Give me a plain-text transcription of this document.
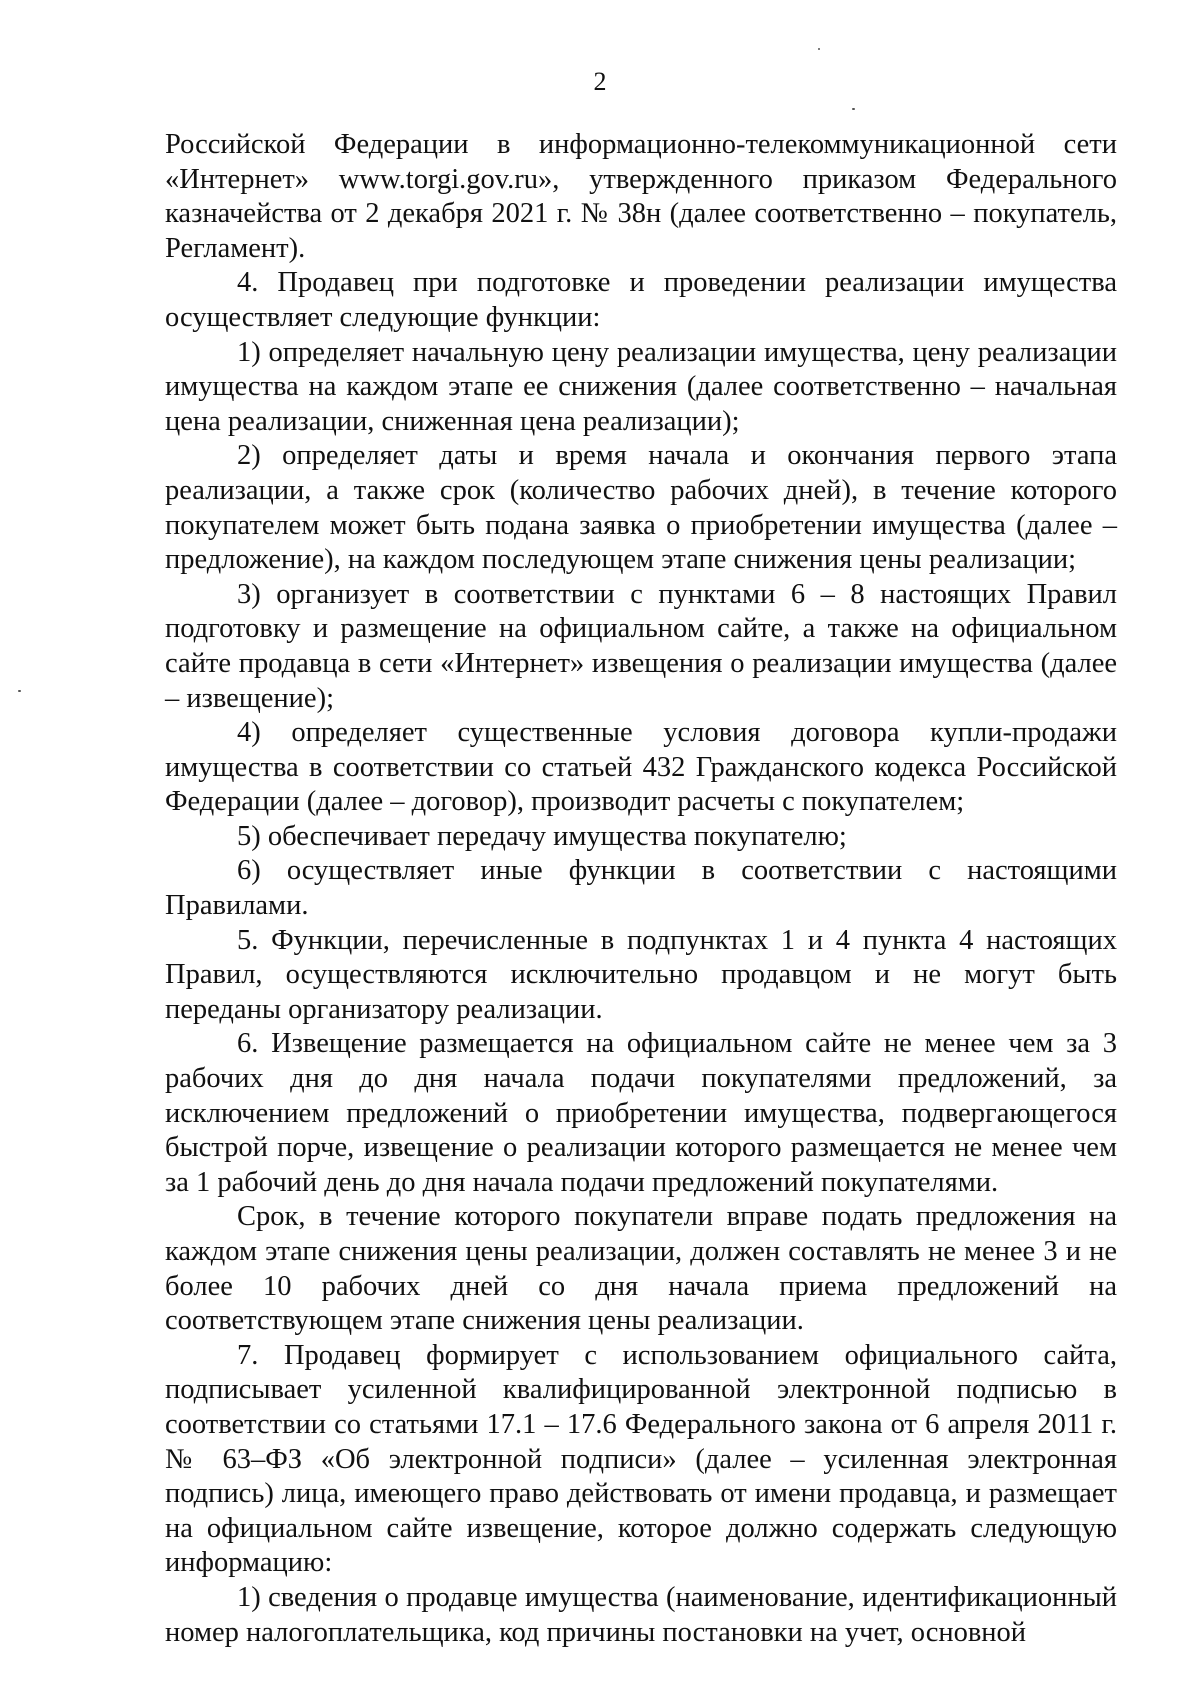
2

Российской Федерации в информационно-телекоммуникационной сети «Интернет» www.torgi.gov.ru», утвержденного приказом Федерального казначейства от 2 декабря 2021 г. № 38н (далее соответственно – покупатель, Регламент).

4. Продавец при подготовке и проведении реализации имущества осуществляет следующие функции:

1) определяет начальную цену реализации имущества, цену реализации имущества на каждом этапе ее снижения (далее соответственно – начальная цена реализации, сниженная цена реализации);

2) определяет даты и время начала и окончания первого этапа реализации, а также срок (количество рабочих дней), в течение которого покупателем может быть подана заявка о приобретении имущества (далее – предложение), на каждом последующем этапе снижения цены реализации;

3) организует в соответствии с пунктами 6 – 8 настоящих Правил подготовку и размещение на официальном сайте, а также на официальном сайте продавца в сети «Интернет» извещения о реализации имущества (далее – извещение);

4) определяет существенные условия договора купли-продажи имущества в соответствии со статьей 432 Гражданского кодекса Российской Федерации (далее – договор), производит расчеты с покупателем;

5) обеспечивает передачу имущества покупателю;

6) осуществляет иные функции в соответствии с настоящими Правилами.

5. Функции, перечисленные в подпунктах 1 и 4 пункта 4 настоящих Правил, осуществляются исключительно продавцом и не могут быть переданы организатору реализации.

6. Извещение размещается на официальном сайте не менее чем за 3 рабочих дня до дня начала подачи покупателями предложений, за исключением предложений о приобретении имущества, подвергающегося быстрой порче, извещение о реализации которого размещается не менее чем за 1 рабочий день до дня начала подачи предложений покупателями.

Срок, в течение которого покупатели вправе подать предложения на каждом этапе снижения цены реализации, должен составлять не менее 3 и не более 10 рабочих дней со дня начала приема предложений на соответствующем этапе снижения цены реализации.

7. Продавец формирует с использованием официального сайта, подписывает усиленной квалифицированной электронной подписью в соответствии со статьями 17.1 – 17.6 Федерального закона от 6 апреля 2011 г. № 63–ФЗ «Об электронной подписи» (далее – усиленная электронная подпись) лица, имеющего право действовать от имени продавца, и размещает на официальном сайте извещение, которое должно содержать следующую информацию:

1) сведения о продавце имущества (наименование, идентификационный номер налогоплательщика, код причины постановки на учет, основной
